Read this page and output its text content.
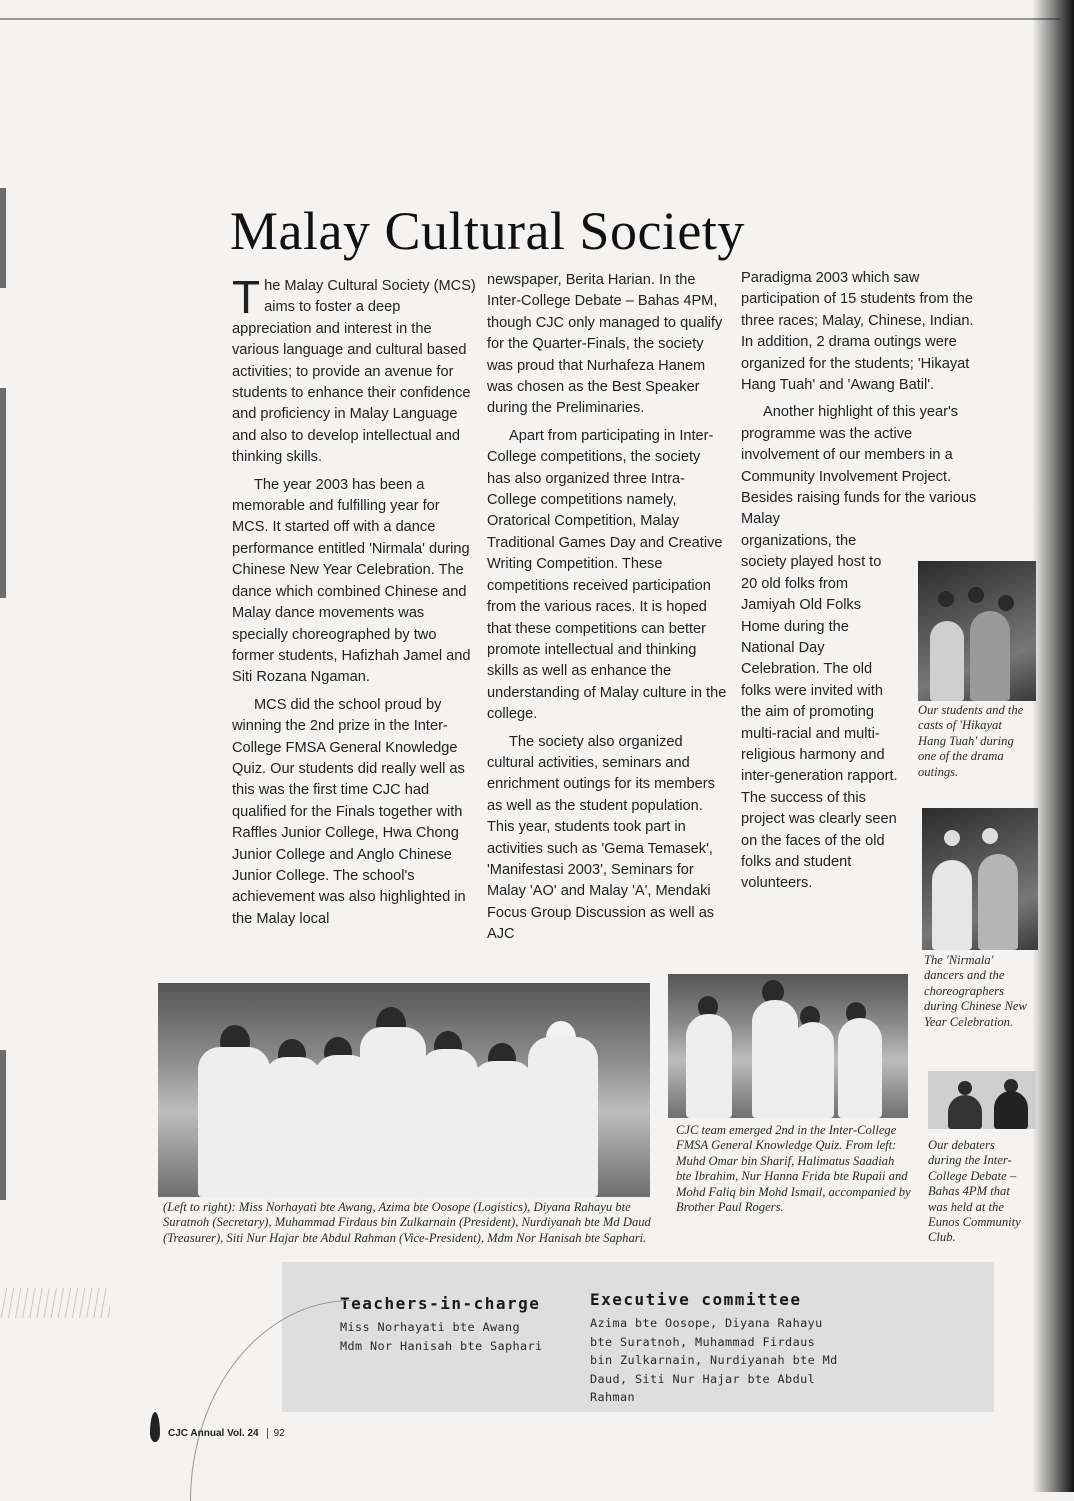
Malay Cultural Society

The Malay Cultural Society (MCS) aims to foster a deep appreciation and interest in the various language and cultural based activities; to provide an avenue for students to enhance their confidence and proficiency in Malay Language and also to develop intellectual and thinking skills.

The year 2003 has been a memorable and fulfilling year for MCS. It started off with a dance performance entitled 'Nirmala' during Chinese New Year Celebration. The dance which combined Chinese and Malay dance movements was specially choreographed by two former students, Hafizhah Jamel and Siti Rozana Ngaman.

MCS did the school proud by winning the 2nd prize in the Inter-College FMSA General Knowledge Quiz. Our students did really well as this was the first time CJC had qualified for the Finals together with Raffles Junior College, Hwa Chong Junior College and Anglo Chinese Junior College. The school's achievement was also highlighted in the Malay local

newspaper, Berita Harian. In the Inter-College Debate – Bahas 4PM, though CJC only managed to qualify for the Quarter-Finals, the society was proud that Nurhafeza Hanem was chosen as the Best Speaker during the Preliminaries.

Apart from participating in Inter-College competitions, the society has also organized three Intra-College competitions namely, Oratorical Competition, Malay Traditional Games Day and Creative Writing Competition. These competitions received participation from the various races. It is hoped that these competitions can better promote intellectual and thinking skills as well as enhance the understanding of Malay culture in the college.

The society also organized cultural activities, seminars and enrichment outings for its members as well as the student population. This year, students took part in activities such as 'Gema Temasek', 'Manifestasi 2003', Seminars for Malay 'AO' and Malay 'A', Mendaki Focus Group Discussion as well as AJC

Paradigma 2003 which saw participation of 15 students from the three races; Malay, Chinese, Indian. In addition, 2 drama outings were organized for the students; 'Hikayat Hang Tuah' and 'Awang Batil'.

Another highlight of this year's programme was the active involvement of our members in a Community Involvement Project. Besides raising funds for the various Malay

organizations, the society played host to 20 old folks from Jamiyah Old Folks Home during the National Day Celebration. The old folks were invited with the aim of promoting multi-racial and multi-religious harmony and inter-generation rapport. The success of this project was clearly seen on the faces of the old folks and student volunteers.

Our students and the casts of 'Hikayat Hang Tuah' during one of the drama outings.
The 'Nirmala' dancers and the choreographers during Chinese New Year Celebration.
Our debaters during the Inter-College Debate – Bahas 4PM that was held at the Eunos Community Club.
(Left to right): Miss Norhayati bte Awang, Azima bte Oosope (Logistics), Diyana Rahayu bte Suratnoh (Secretary), Muhammad Firdaus bin Zulkarnain (President), Nurdiyanah bte Md Daud (Treasurer), Siti Nur Hajar bte Abdul Rahman (Vice-President), Mdm Nor Hanisah bte Saphari.
CJC team emerged 2nd in the Inter-College FMSA General Knowledge Quiz. From left: Muhd Omar bin Sharif, Halimatus Saadiah bte Ibrahim, Nur Hanna Frida bte Rupaii and Mohd Faliq bin Mohd Ismail, accompanied by Brother Paul Rogers.
Teachers-in-charge
Miss Norhayati bte Awang
Mdm Nor Hanisah bte Saphari
Executive committee
Azima bte Oosope, Diyana Rahayu
bte Suratnoh, Muhammad Firdaus
bin Zulkarnain, Nurdiyanah bte Md
Daud, Siti Nur Hajar bte Abdul
Rahman
CJC Annual Vol. 24 92
